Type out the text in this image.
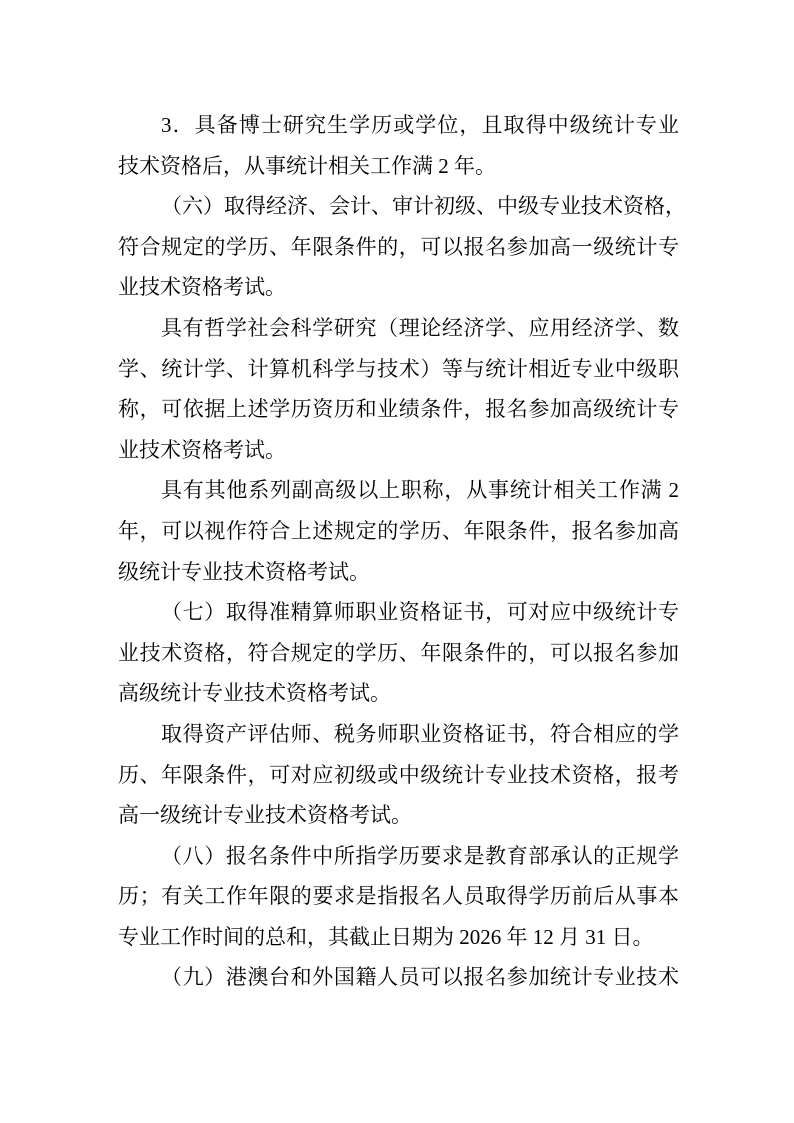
3．具备博士研究生学历或学位，且取得中级统计专业
技术资格后，从事统计相关工作满 2 年。
（六）取得经济、会计、审计初级、中级专业技术资格，
符合规定的学历、年限条件的，可以报名参加高一级统计专
业技术资格考试。
具有哲学社会科学研究（理论经济学、应用经济学、数
学、统计学、计算机科学与技术）等与统计相近专业中级职
称，可依据上述学历资历和业绩条件，报名参加高级统计专
业技术资格考试。
具有其他系列副高级以上职称，从事统计相关工作满 2
年，可以视作符合上述规定的学历、年限条件，报名参加高
级统计专业技术资格考试。
（七）取得准精算师职业资格证书，可对应中级统计专
业技术资格，符合规定的学历、年限条件的，可以报名参加
高级统计专业技术资格考试。
取得资产评估师、税务师职业资格证书，符合相应的学
历、年限条件，可对应初级或中级统计专业技术资格，报考
高一级统计专业技术资格考试。
（八）报名条件中所指学历要求是教育部承认的正规学
历；有关工作年限的要求是指报名人员取得学历前后从事本
专业工作时间的总和，其截止日期为 2026 年 12 月 31 日。
（九）港澳台和外国籍人员可以报名参加统计专业技术
